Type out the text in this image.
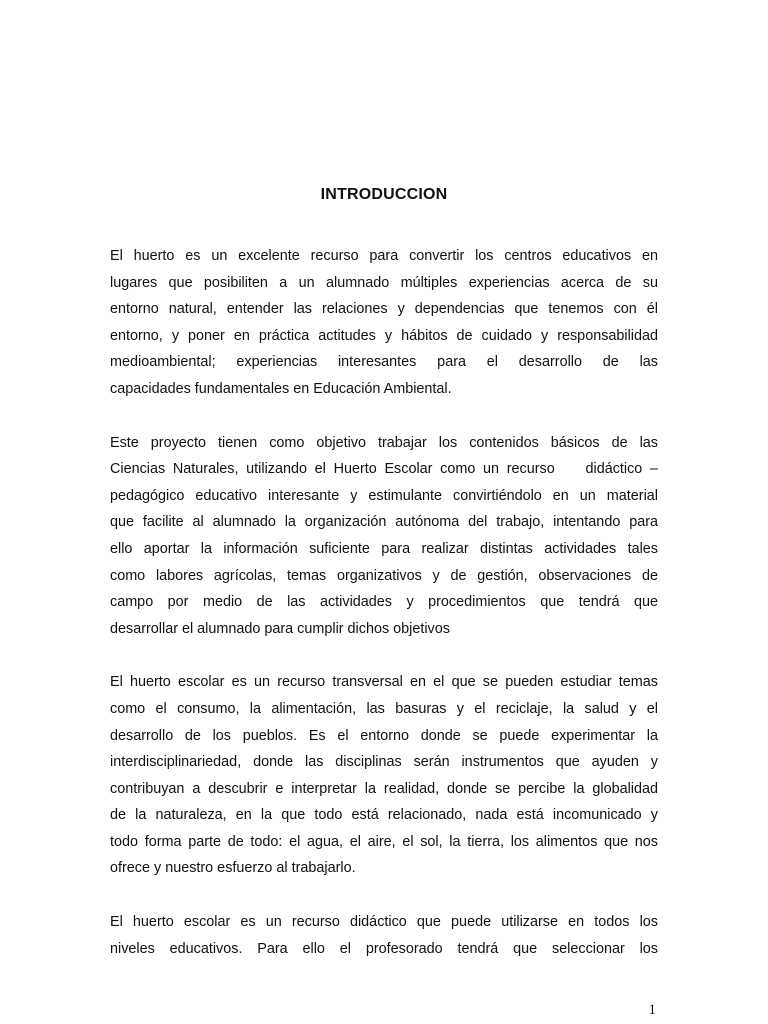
INTRODUCCION
El huerto es un excelente recurso para convertir los centros educativos en
lugares que posibiliten a un alumnado múltiples experiencias acerca de su
entorno natural, entender las relaciones y dependencias que tenemos con él
entorno, y poner en práctica actitudes y hábitos de cuidado y responsabilidad
medioambiental; experiencias interesantes para el desarrollo de las
capacidades fundamentales en Educación Ambiental.
Este proyecto tienen como objetivo trabajar los contenidos básicos de las
Ciencias Naturales, utilizando el Huerto Escolar como un recurso    didáctico –
pedagógico educativo interesante y estimulante convirtiéndolo en un material
que facilite al alumnado la organización autónoma del trabajo, intentando para
ello aportar la información suficiente para realizar distintas actividades tales
como labores agrícolas, temas organizativos y de gestión, observaciones de
campo por medio de las actividades y procedimientos que tendrá que
desarrollar el alumnado para cumplir dichos objetivos
El huerto escolar es un recurso transversal en el que se pueden estudiar temas
como el consumo, la alimentación, las basuras y el reciclaje, la salud y el
desarrollo de los pueblos. Es el entorno donde se puede experimentar la
interdisciplinariedad, donde las disciplinas serán instrumentos que ayuden y
contribuyan a descubrir e interpretar la realidad, donde se percibe la globalidad
de la naturaleza, en la que todo está relacionado, nada está incomunicado y
todo forma parte de todo: el agua, el aire, el sol, la tierra, los alimentos que nos
ofrece y nuestro esfuerzo al trabajarlo.
El huerto escolar es un recurso didáctico que puede utilizarse en todos los
niveles educativos. Para ello el profesorado tendrá que seleccionar los
1
